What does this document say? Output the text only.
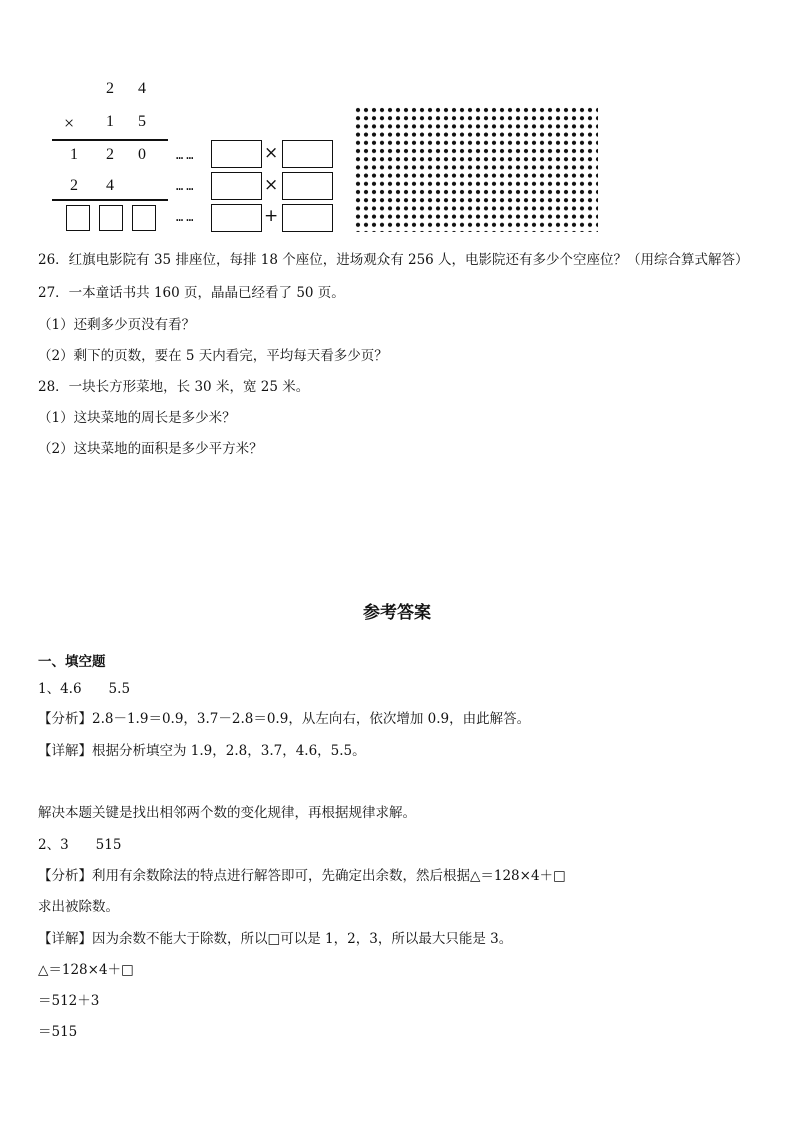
2 4
× 1 5
1 2 0
2 4
……	×
……	×
……	+
26．红旗电影院有 35 排座位，每排 18 个座位，进场观众有 256 人，电影院还有多少个空座位？（用综合算式解答）
27．一本童话书共 160 页，晶晶已经看了 50 页。
（1）还剩多少页没有看？
（2）剩下的页数，要在 5 天内看完，平均每天看多少页？
28．一块长方形菜地，长 30 米，宽 25 米。
（1）这块菜地的周长是多少米？
（2）这块菜地的面积是多少平方米？
参考答案
一、填空题
1、4.6　　5.5
【分析】2.8－1.9＝0.9，3.7－2.8＝0.9，从左向右，依次增加 0.9，由此解答。
【详解】根据分析填空为 1.9，2.8，3.7，4.6，5.5。
解决本题关键是找出相邻两个数的变化规律，再根据规律求解。
2、3　　515
【分析】利用有余数除法的特点进行解答即可，先确定出余数，然后根据△＝128×4＋□
求出被除数。
【详解】因为余数不能大于除数，所以□可以是 1，2，3，所以最大只能是 3。
△＝128×4＋□
＝512＋3
＝515
